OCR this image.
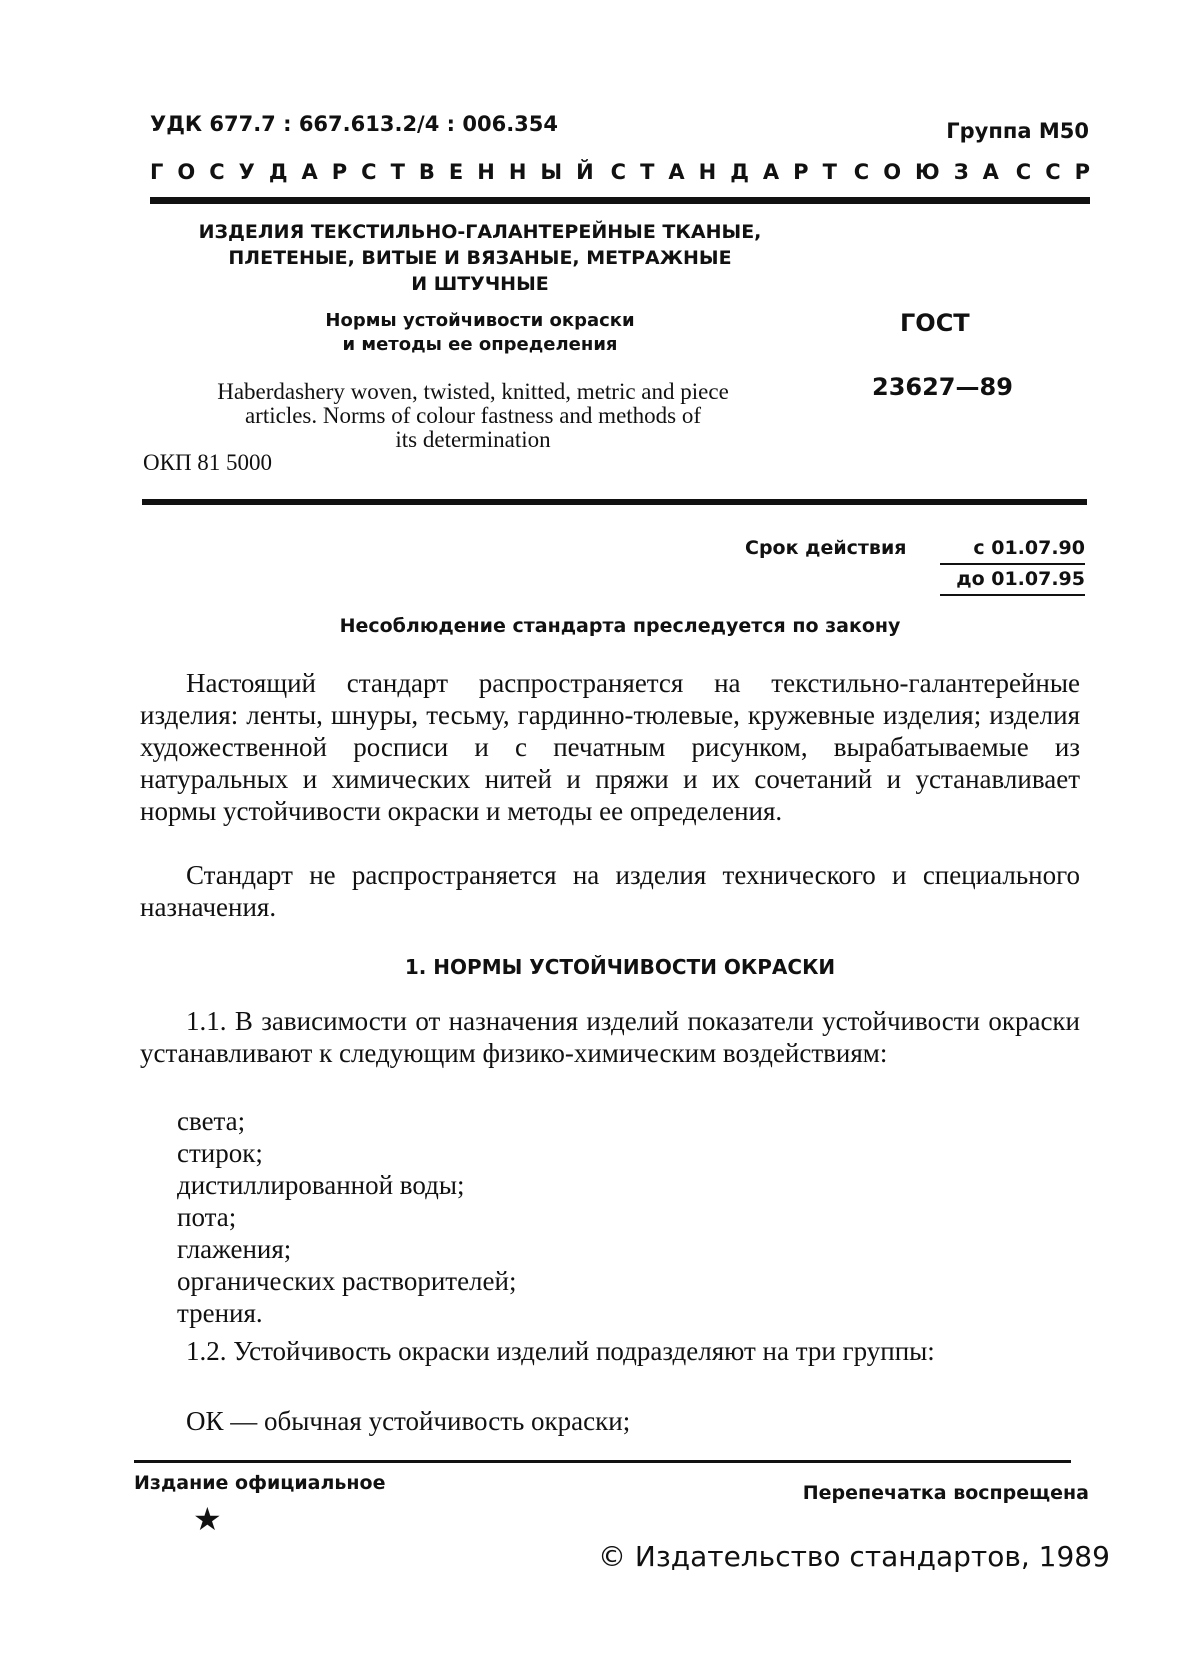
УДК 677.7 : 667.613.2/4 : 006.354	Группа М50
ГОСУДАРСТВЕННЫЙ СТАНДАРТ СОЮЗА ССР
ИЗДЕЛИЯ ТЕКСТИЛЬНО-ГАЛАНТЕРЕЙНЫЕ ТКАНЫЕ,
ПЛЕТЕНЫЕ, ВИТЫЕ И ВЯЗАНЫЕ, МЕТРАЖНЫЕ
И ШТУЧНЫЕ
Нормы устойчивости окраски
и методы ее определения
ГОСТ
23627—89
Haberdashery woven, twisted, knitted, metric and piece
articles. Norms of colour fastness and methods of
its determination
ОКП 81 5000
Срок действия	с 01.07.90
до 01.07.95
Несоблюдение стандарта преследуется по закону
Настоящий стандарт распространяется на текстильно-галантерейные изделия: ленты, шнуры, тесьму, гардинно-тюлевые, кружевные изделия; изделия художественной росписи и с печатным рисунком, вырабатываемые из натуральных и химических нитей и пряжи и их сочетаний и устанавливает нормы устойчивости окраски и методы ее определения.
Стандарт не распространяется на изделия технического и специального назначения.
1. НОРМЫ УСТОЙЧИВОСТИ ОКРАСКИ
1.1. В зависимости от назначения изделий показатели устойчивости окраски устанавливают к следующим физико-химическим воздействиям:
света;
стирок;
дистиллированной воды;
пота;
глажения;
органических растворителей;
трения.
1.2. Устойчивость окраски изделий подразделяют на три группы:
ОК — обычная устойчивость окраски;
Издание официальное	Перепечатка воспрещена
★
© Издательство стандартов, 1989
